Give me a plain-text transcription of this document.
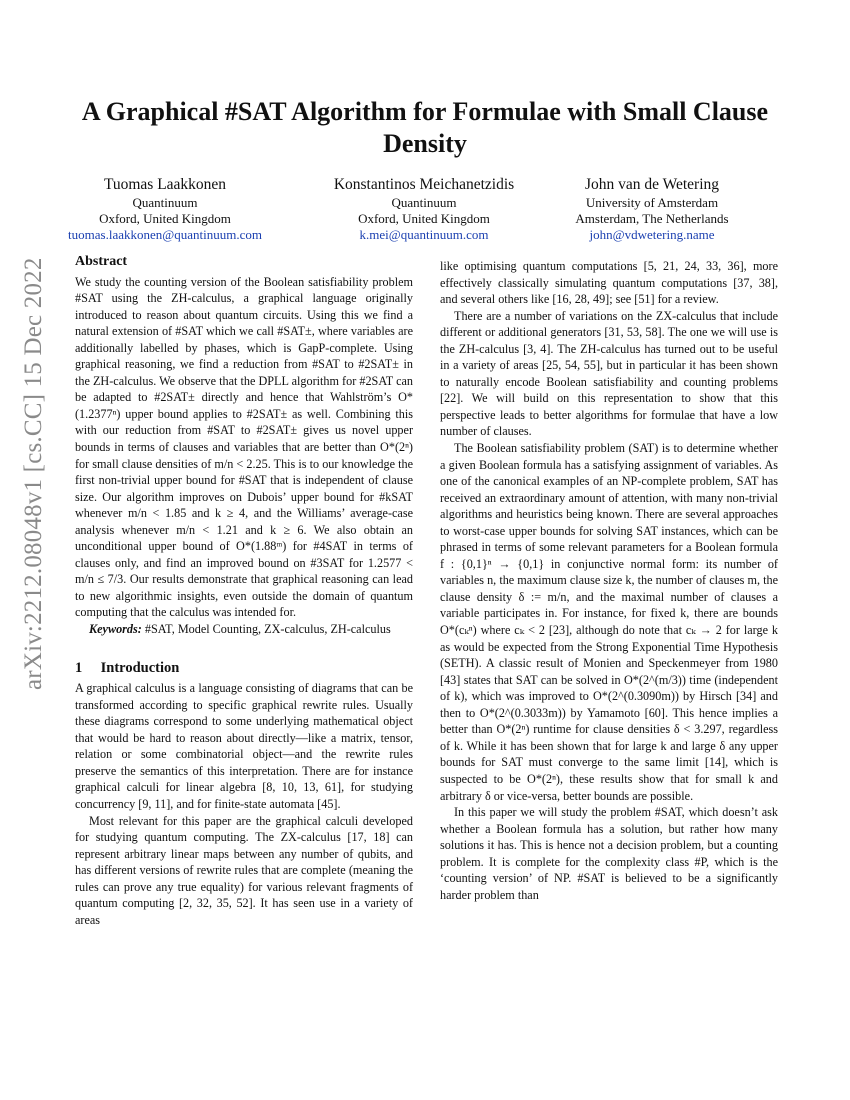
arXiv:2212.08048v1 [cs.CC] 15 Dec 2022
A Graphical #SAT Algorithm for Formulae with Small Clause Density
Tuomas Laakkonen
Quantinuum
Oxford, United Kingdom
tuomas.laakkonen@quantinuum.com
Konstantinos Meichanetzidis
Quantinuum
Oxford, United Kingdom
k.mei@quantinuum.com
John van de Wetering
University of Amsterdam
Amsterdam, The Netherlands
john@vdwetering.name
Abstract

We study the counting version of the Boolean satisfiability problem #SAT using the ZH-calculus, a graphical language originally introduced to reason about quantum circuits. Using this we find a natural extension of #SAT which we call #SAT±, where variables are additionally labelled by phases, which is GapP-complete. Using graphical reasoning, we find a reduction from #SAT to #2SAT± in the ZH-calculus. We observe that the DPLL algorithm for #2SAT can be adapted to #2SAT± directly and hence that Wahlström’s O*(1.2377ⁿ) upper bound applies to #2SAT± as well. Combining this with our reduction from #SAT to #2SAT± gives us novel upper bounds in terms of clauses and variables that are better than O*(2ⁿ) for small clause densities of m/n < 2.25. This is to our knowledge the first non-trivial upper bound for #SAT that is independent of clause size. Our algorithm improves on Dubois’ upper bound for #kSAT whenever m/n < 1.85 and k ≥ 4, and the Williams’ average-case analysis whenever m/n < 1.21 and k ≥ 6. We also obtain an unconditional upper bound of O*(1.88ᵐ) for #4SAT in terms of clauses only, and find an improved bound on #3SAT for 1.2577 < m/n ≤ 7/3. Our results demonstrate that graphical reasoning can lead to new algorithmic insights, even outside the domain of quantum computing that the calculus was intended for.

Keywords: #SAT, Model Counting, ZX-calculus, ZH-calculus

1 Introduction

A graphical calculus is a language consisting of diagrams that can be transformed according to specific graphical rewrite rules. Usually these diagrams correspond to some underlying mathematical object that would be hard to reason about directly—like a matrix, tensor, relation or some combinatorial object—and the rewrite rules preserve the semantics of this interpretation. There are for instance graphical calculi for linear algebra [8, 10, 13, 61], for studying concurrency [9, 11], and for finite-state automata [45].

Most relevant for this paper are the graphical calculi developed for studying quantum computing. The ZX-calculus [17, 18] can represent arbitrary linear maps between any number of qubits, and has different versions of rewrite rules that are complete (meaning the rules can prove any true equality) for various relevant fragments of quantum computing [2, 32, 35, 52]. It has seen use in a variety of areas

like optimising quantum computations [5, 21, 24, 33, 36], more effectively classically simulating quantum computations [37, 38], and several others like [16, 28, 49]; see [51] for a review.

There are a number of variations on the ZX-calculus that include different or additional generators [31, 53, 58]. The one we will use is the ZH-calculus [3, 4]. The ZH-calculus has turned out to be useful in a variety of areas [25, 54, 55], but in particular it has been shown to naturally encode Boolean satisfiability and counting problems [22]. We will build on this representation to show that this perspective leads to better algorithms for formulae that have a low number of clauses.

The Boolean satisfiability problem (SAT) is to determine whether a given Boolean formula has a satisfying assignment of variables. As one of the canonical examples of an NP-complete problem, SAT has received an extraordinary amount of attention, with many non-trivial algorithms and heuristics being known. There are several approaches to worst-case upper bounds for solving SAT instances, which can be phrased in terms of some relevant parameters for a Boolean formula f : {0,1}ⁿ → {0,1} in conjunctive normal form: its number of variables n, the maximum clause size k, the number of clauses m, the clause density δ := m/n, and the maximal number of clauses a variable participates in. For instance, for fixed k, there are bounds O*(cₖⁿ) where cₖ < 2 [23], although do note that cₖ → 2 for large k as would be expected from the Strong Exponential Time Hypothesis (SETH). A classic result of Monien and Speckenmeyer from 1980 [43] states that SAT can be solved in O*(2^(m/3)) time (independent of k), which was improved to O*(2^(0.3090m)) by Hirsch [34] and then to O*(2^(0.3033m)) by Yamamoto [60]. This hence implies a better than O*(2ⁿ) runtime for clause densities δ < 3.297, regardless of k. While it has been shown that for large k and large δ any upper bounds for SAT must converge to the same limit [14], which is suspected to be O*(2ⁿ), these results show that for small k and arbitrary δ or vice-versa, better bounds are possible.

In this paper we will study the problem #SAT, which doesn’t ask whether a Boolean formula has a solution, but rather how many solutions it has. This is hence not a decision problem, but a counting problem. It is complete for the complexity class #P, which is the ‘counting version’ of NP. #SAT is believed to be a significantly harder problem than
